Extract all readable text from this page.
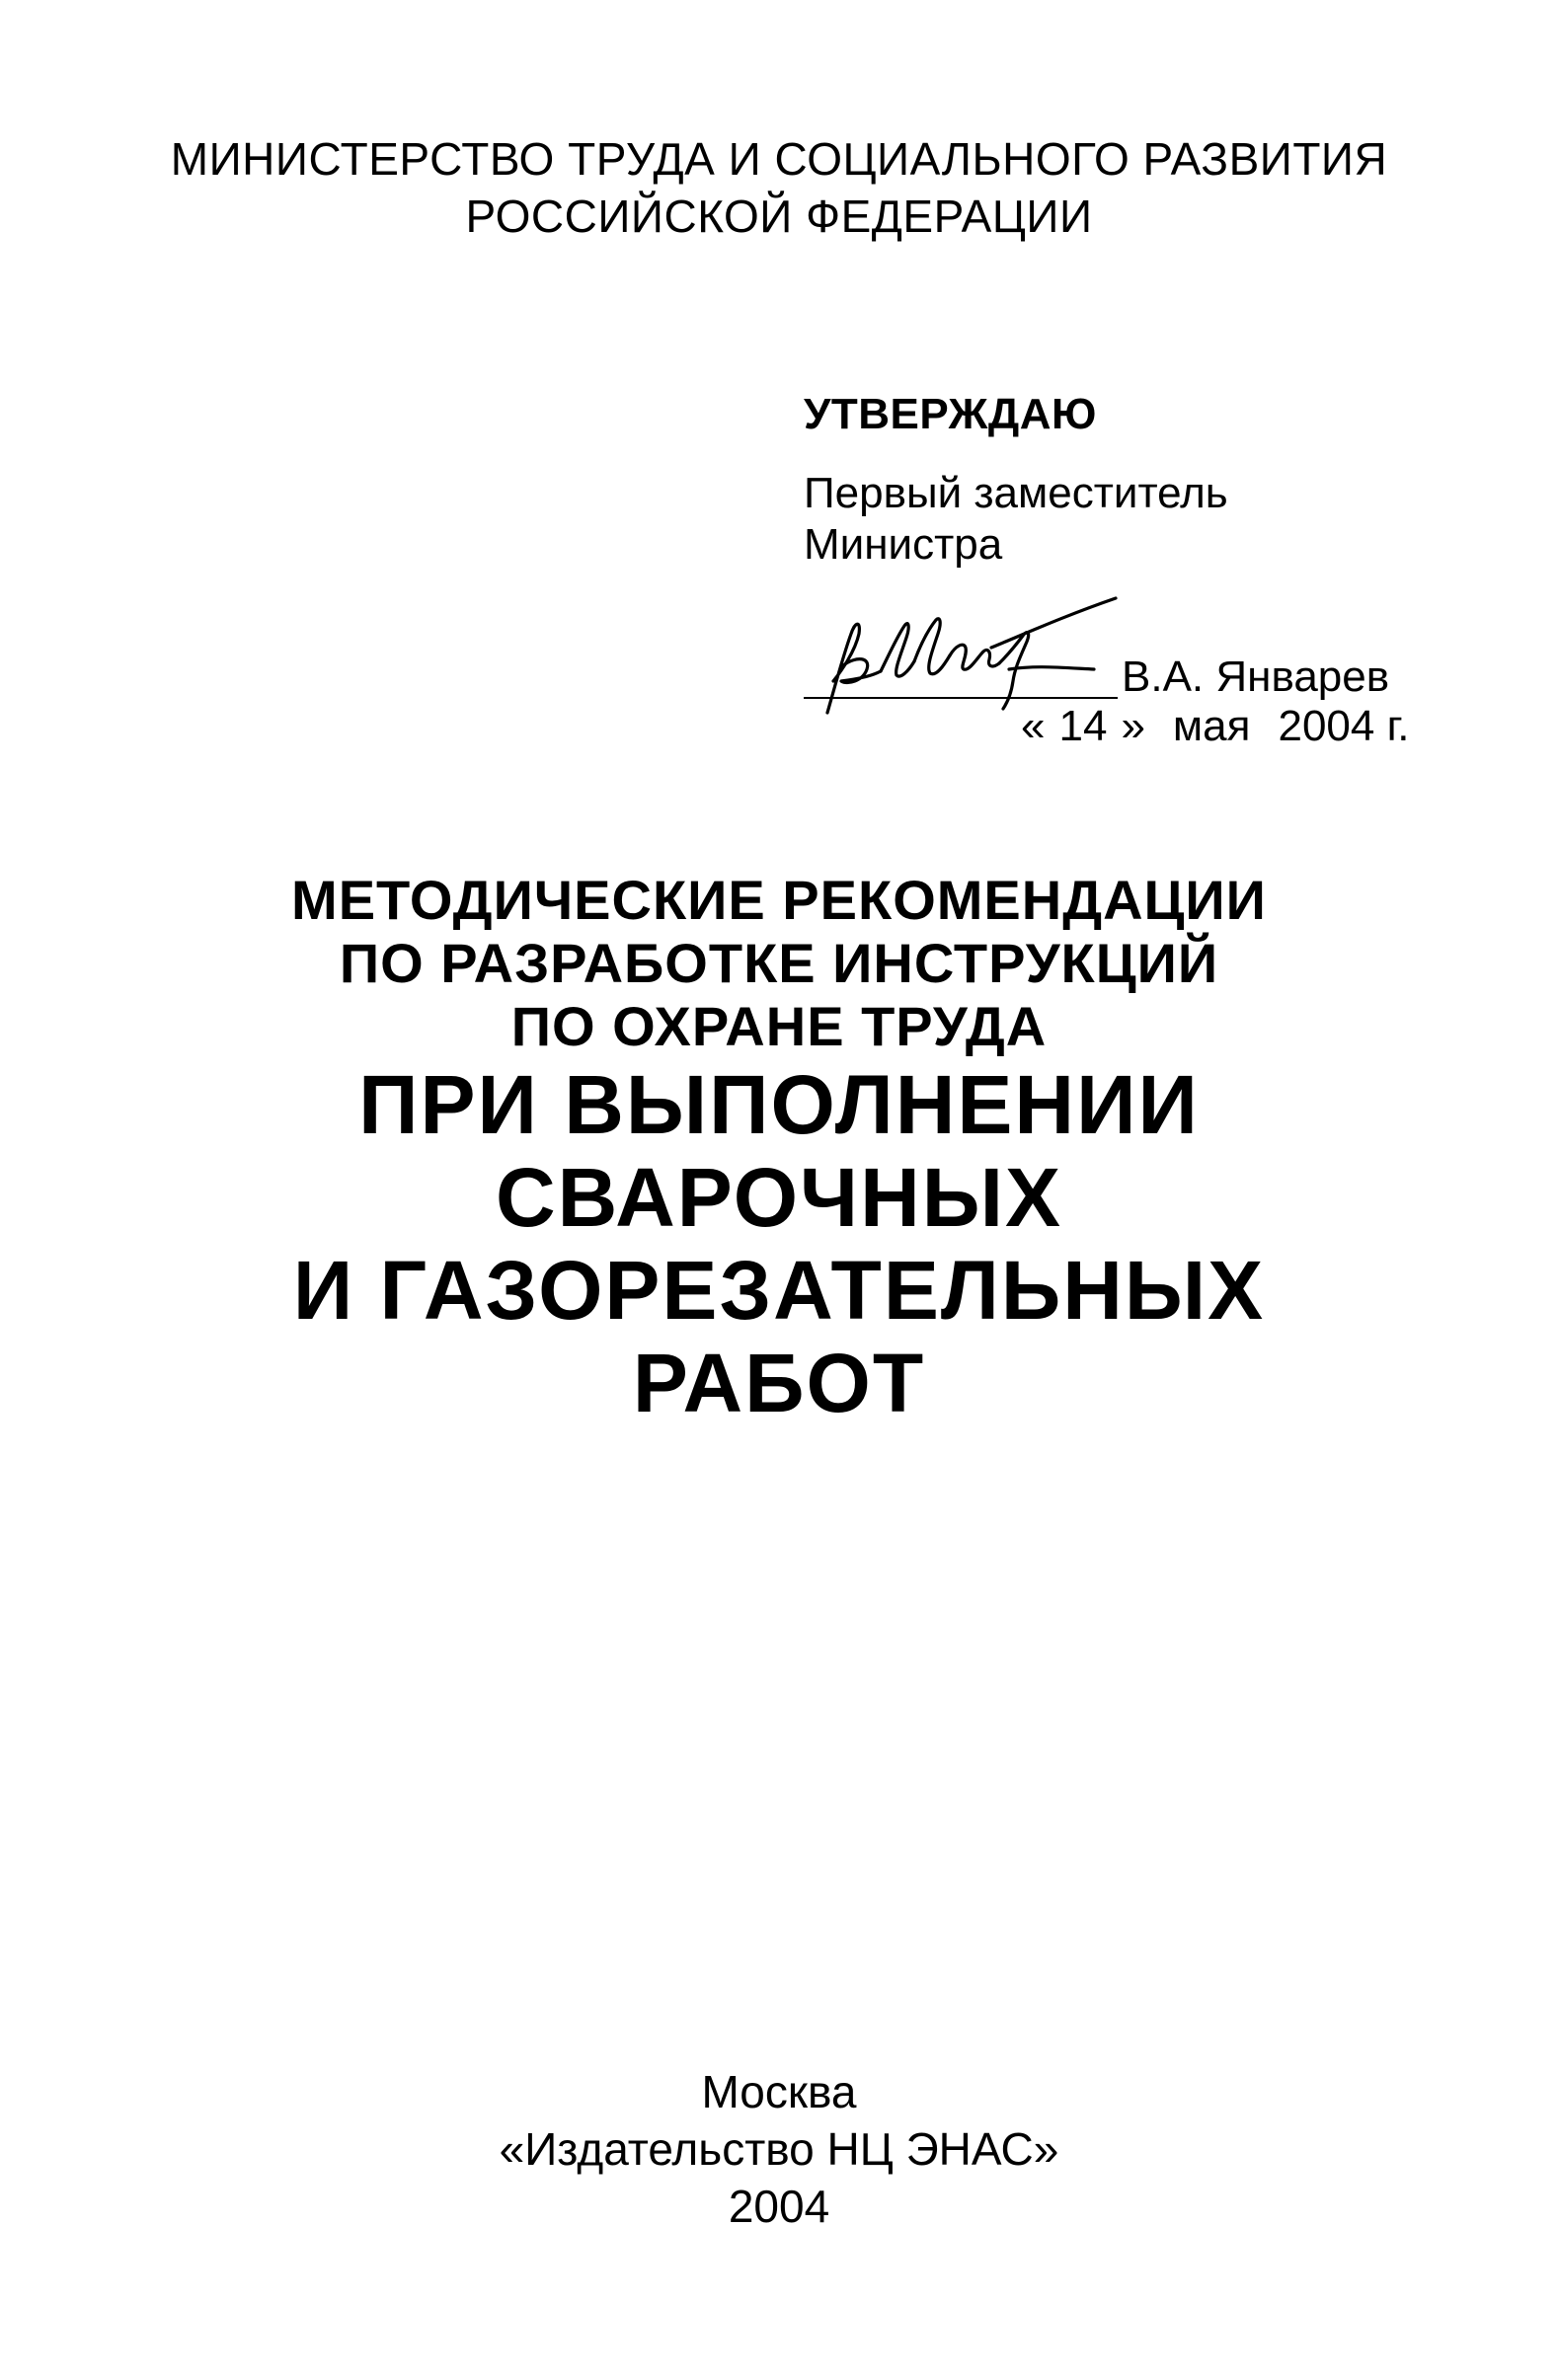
МИНИСТЕРСТВО ТРУДА И СОЦИАЛЬНОГО РАЗВИТИЯ
РОССИЙСКОЙ ФЕДЕРАЦИИ
УТВЕРЖДАЮ
Первый заместитель
Министра
В.А. Январев
« 14 » мая 2004 г.
МЕТОДИЧЕСКИЕ РЕКОМЕНДАЦИИ
ПО РАЗРАБОТКЕ ИНСТРУКЦИЙ
ПО ОХРАНЕ ТРУДА
ПРИ ВЫПОЛНЕНИИ
СВАРОЧНЫХ
И ГАЗОРЕЗАТЕЛЬНЫХ
РАБОТ
Москва
«Издательство НЦ ЭНАС»
2004
